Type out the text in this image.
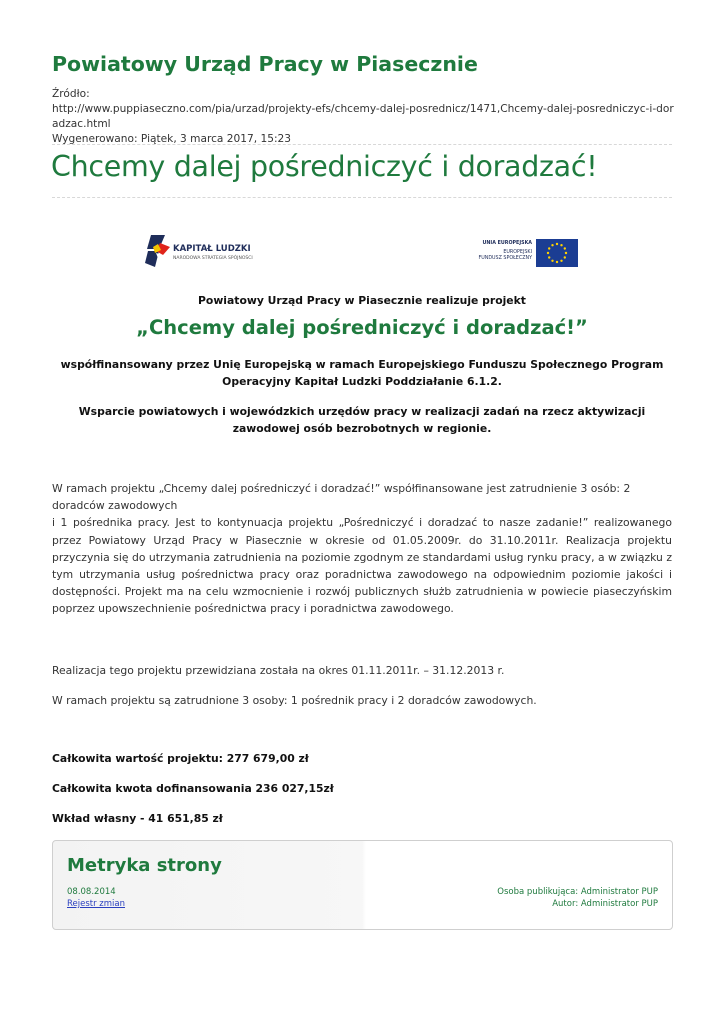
Powiatowy Urząd Pracy w Piasecznie
Źródło:
http://www.puppiaseczno.com/pia/urzad/projekty-efs/chcemy-dalej-posrednicz/1471,Chcemy-dalej-posredniczyc-i-doradzac.html
Wygenerowano: Piątek, 3 marca 2017, 15:23
Chcemy dalej pośredniczyć i doradzać!
KAPITAŁ LUDZKI
NARODOWA STRATEGIA SPÓJNOŚCI
UNIA EUROPEJSKA
EUROPEJSKI
FUNDUSZ SPOŁECZNY
Powiatowy Urząd Pracy w Piasecznie realizuje projekt
„Chcemy dalej pośredniczyć i doradzać!”
współfinansowany przez Unię Europejską w ramach Europejskiego Funduszu Społecznego Program Operacyjny Kapitał Ludzki Poddziałanie 6.1.2.
Wsparcie powiatowych i wojewódzkich urzędów pracy w realizacji zadań na rzecz aktywizacji zawodowej osób bezrobotnych w regionie.
W ramach projektu „Chcemy dalej pośredniczyć i doradzać!” współfinansowane jest zatrudnienie 3 osób: 2 doradców zawodowych
i 1 pośrednika pracy. Jest to kontynuacja projektu „Pośredniczyć i doradzać to nasze zadanie!” realizowanego przez Powiatowy Urząd Pracy w Piasecznie w okresie od 01.05.2009r. do 31.10.2011r. Realizacja projektu przyczynia się do utrzymania zatrudnienia na poziomie zgodnym ze standardami usług rynku pracy, a w związku z tym utrzymania usług pośrednictwa pracy oraz poradnictwa zawodowego na odpowiednim poziomie jakości i dostępności. Projekt ma na celu wzmocnienie i rozwój publicznych służb zatrudnienia w powiecie piaseczyńskim poprzez upowszechnienie pośrednictwa pracy i poradnictwa zawodowego.
Realizacja tego projektu przewidziana została na okres 01.11.2011r. – 31.12.2013 r.
W ramach projektu są zatrudnione 3 osoby: 1 pośrednik pracy i 2 doradców zawodowych.
Całkowita wartość projektu: 277 679,00 zł
Całkowita kwota dofinansowania 236 027,15zł
Wkład własny - 41 651,85 zł
Metryka strony
08.08.2014
Rejestr zmian
Osoba publikująca: Administrator PUP
Autor: Administrator PUP
